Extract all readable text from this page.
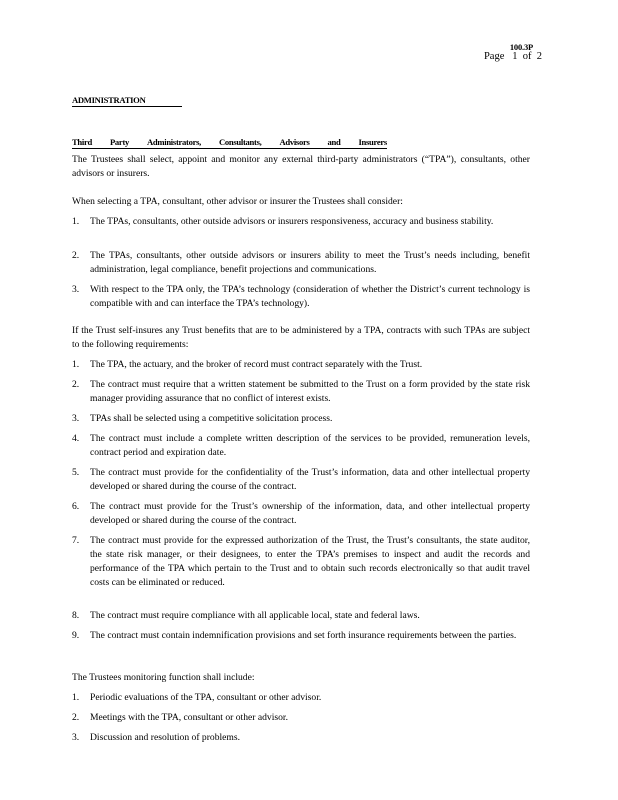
100.3P
Page   1  of  2
ADMINISTRATION
Third Party Administrators, Consultants, Advisors and Insurers

The Trustees shall select, appoint and monitor any external third-party administrators (“TPA”), consultants, other advisors or insurers.

When selecting a TPA, consultant, other advisor or insurer the Trustees shall consider:

1. The TPAs, consultants, other outside advisors or insurers responsiveness, accuracy and business stability.
2. The TPAs, consultants, other outside advisors or insurers ability to meet the Trust’s needs including, benefit administration, legal compliance, benefit projections and communications.
3. With respect to the TPA only, the TPA’s technology (consideration of whether the District’s current technology is compatible with and can interface the TPA’s technology).

If the Trust self-insures any Trust benefits that are to be administered by a TPA, contracts with such TPAs are subject to the following requirements:

1. The TPA, the actuary, and the broker of record must contract separately with the Trust.
2. The contract must require that a written statement be submitted to the Trust on a form provided by the state risk manager providing assurance that no conflict of interest exists.
3. TPAs shall be selected using a competitive solicitation process.
4. The contract must include a complete written description of the services to be provided, remuneration levels, contract period and expiration date.
5. The contract must provide for the confidentiality of the Trust’s information, data and other intellectual property developed or shared during the course of the contract.
6. The contract must provide for the Trust’s ownership of the information, data, and other intellectual property developed or shared during the course of the contract.
7. The contract must provide for the expressed authorization of the Trust, the Trust’s consultants, the state auditor, the state risk manager, or their designees, to enter the TPA’s premises to inspect and audit the records and performance of the TPA which pertain to the Trust and to obtain such records electronically so that audit travel costs can be eliminated or reduced.
8. The contract must require compliance with all applicable local, state and federal laws.
9. The contract must contain indemnification provisions and set forth insurance requirements between the parties.

The Trustees monitoring function shall include:

1. Periodic evaluations of the TPA, consultant or other advisor.
2. Meetings with the TPA, consultant or other advisor.
3. Discussion and resolution of problems.
